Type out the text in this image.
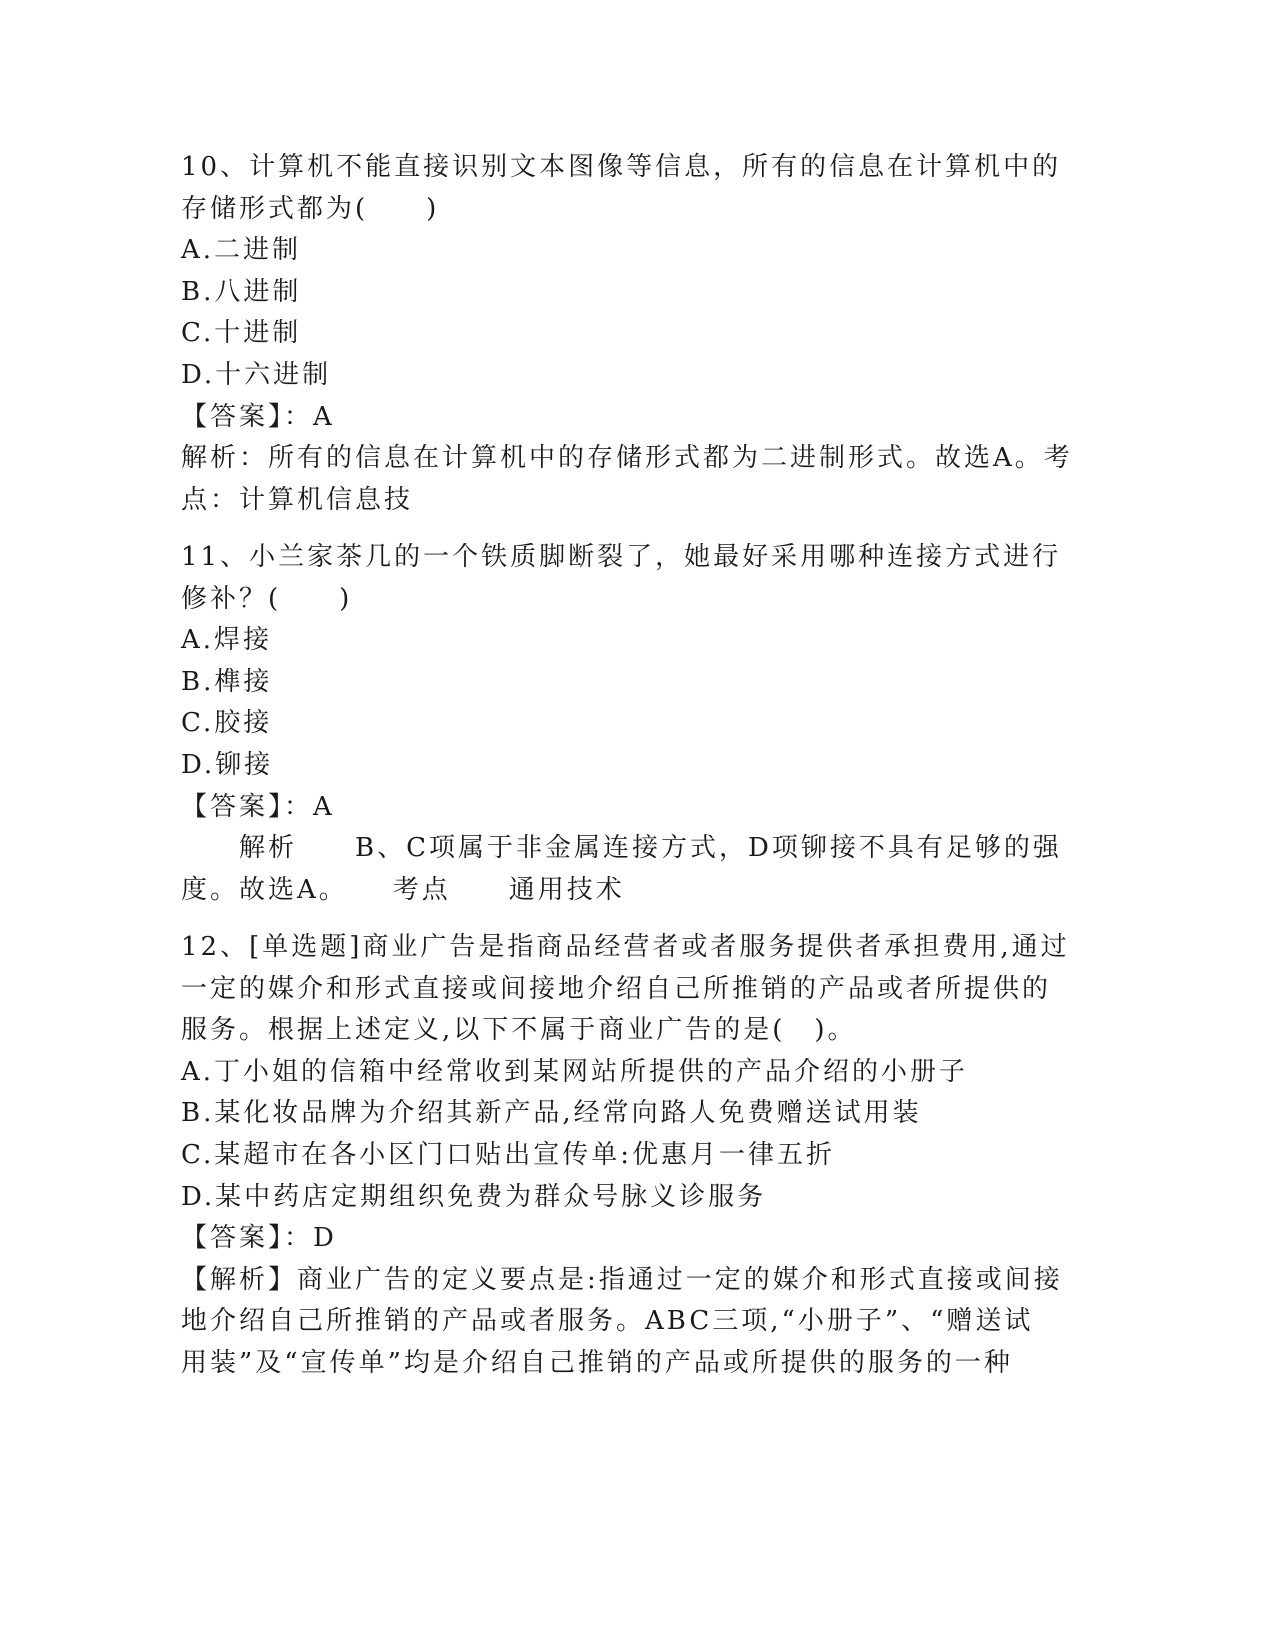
10、计算机不能直接识别文本图像等信息，所有的信息在计算机中的
存储形式都为(　　)
A.二进制
B.八进制
C.十进制
D.十六进制
【答案】：A
解析：所有的信息在计算机中的存储形式都为二进制形式。故选A。考
点：计算机信息技
11、小兰家茶几的一个铁质脚断裂了，她最好采用哪种连接方式进行
修补？(　　)
A.焊接
B.榫接
C.胶接
D.铆接
【答案】：A
　　解析　　B、C项属于非金属连接方式，D项铆接不具有足够的强
度。故选A。　　考点　　通用技术
12、[单选题]商业广告是指商品经营者或者服务提供者承担费用,通过
一定的媒介和形式直接或间接地介绍自己所推销的产品或者所提供的
服务。根据上述定义,以下不属于商业广告的是(　)。
A.丁小姐的信箱中经常收到某网站所提供的产品介绍的小册子
B.某化妆品牌为介绍其新产品,经常向路人免费赠送试用装
C.某超市在各小区门口贴出宣传单:优惠月一律五折
D.某中药店定期组织免费为群众号脉义诊服务
【答案】：D
【解析】商业广告的定义要点是:指通过一定的媒介和形式直接或间接
地介绍自己所推销的产品或者服务。ABC三项,“小册子”、“赠送试
用装”及“宣传单”均是介绍自己推销的产品或所提供的服务的一种
